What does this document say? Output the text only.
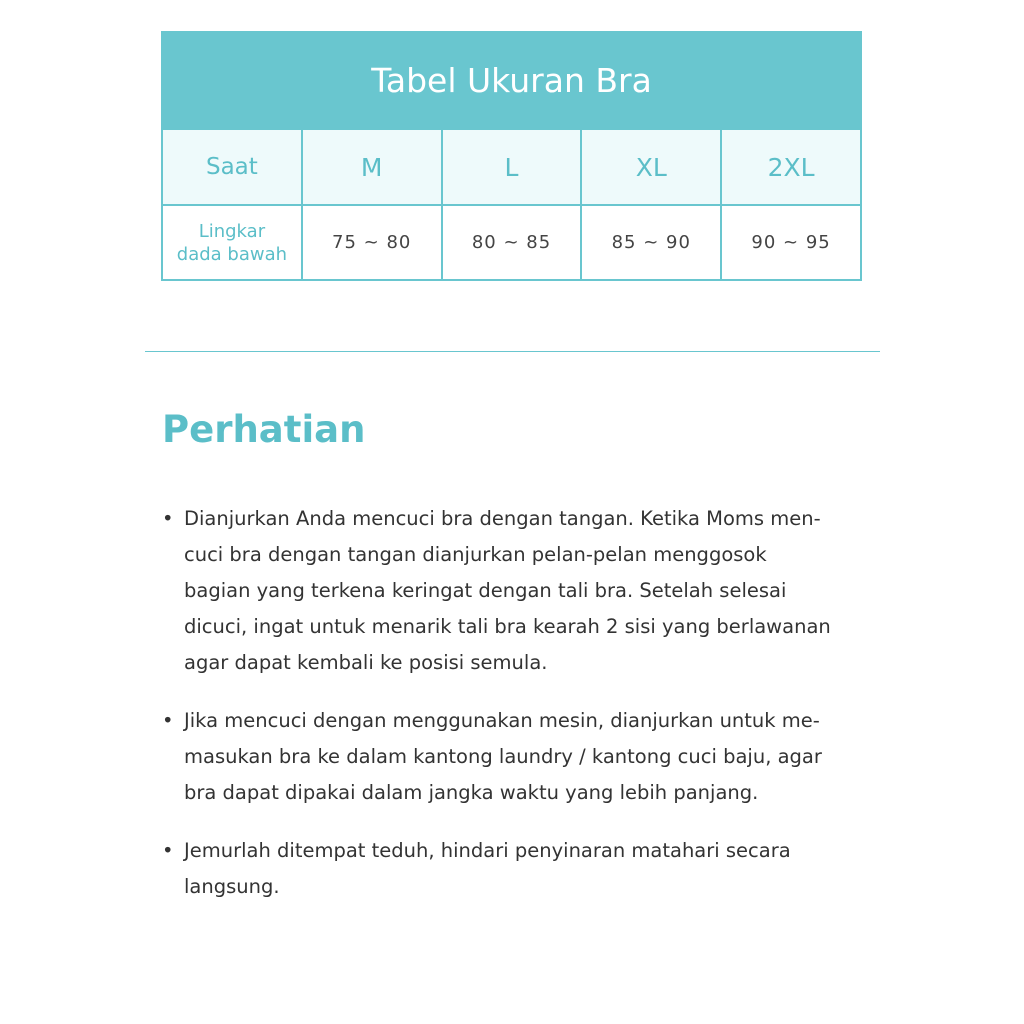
Tabel Ukuran Bra				
Saat	M	L	XL	2XL
Lingkar
dada bawah	75 ~ 80	80 ~ 85	85 ~ 90	90 ~ 95
Perhatian
• Dianjurkan Anda mencuci bra dengan tangan. Ketika Moms men-
cuci bra dengan tangan dianjurkan pelan-pelan menggosok
bagian yang terkena keringat dengan tali bra. Setelah selesai
dicuci, ingat untuk menarik tali bra kearah 2 sisi yang berlawanan
agar dapat kembali ke posisi semula.
• Jika mencuci dengan menggunakan mesin, dianjurkan untuk me-
masukan bra ke dalam kantong laundry / kantong cuci baju, agar
bra dapat dipakai dalam jangka waktu yang lebih panjang.
• Jemurlah ditempat teduh, hindari penyinaran matahari secara
langsung.
